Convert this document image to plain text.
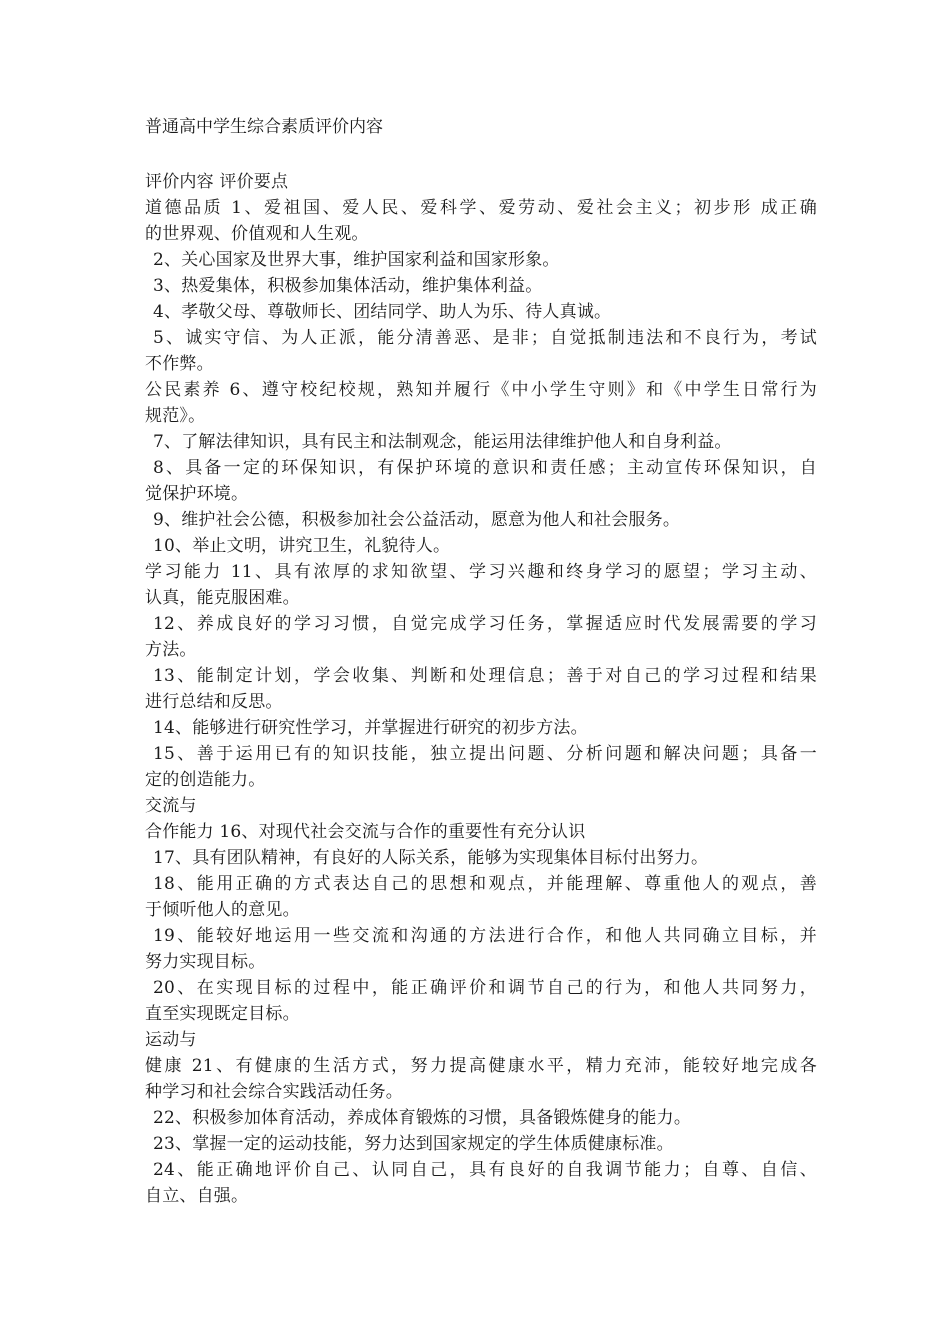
普通高中学生综合素质评价内容
评价内容 评价要点
道德品质 1、爱祖国、爱人民、爱科学、爱劳动、爱社会主义；初步形 成正确
的世界观、价值观和人生观。
2、关心国家及世界大事，维护国家利益和国家形象。
3、热爱集体，积极参加集体活动，维护集体利益。
4、孝敬父母、尊敬师长、团结同学、助人为乐、待人真诚。
5、诚实守信、为人正派，能分清善恶、是非；自觉抵制违法和不良行为，考试
不作弊。
公民素养 6、遵守校纪校规，熟知并履行《中小学生守则》和《中学生日常行为
规范》。
7、了解法律知识，具有民主和法制观念，能运用法律维护他人和自身利益。
8、具备一定的环保知识，有保护环境的意识和责任感；主动宣传环保知识，自
觉保护环境。
9、维护社会公德，积极参加社会公益活动，愿意为他人和社会服务。
10、举止文明，讲究卫生，礼貌待人。
学习能力 11、具有浓厚的求知欲望、学习兴趣和终身学习的愿望；学习主动、
认真，能克服困难。
12、养成良好的学习习惯，自觉完成学习任务，掌握适应时代发展需要的学习
方法。
13、能制定计划，学会收集、判断和处理信息；善于对自己的学习过程和结果
进行总结和反思。
14、能够进行研究性学习，并掌握进行研究的初步方法。
15、善于运用已有的知识技能，独立提出问题、分析问题和解决问题；具备一
定的创造能力。
交流与
合作能力 16、对现代社会交流与合作的重要性有充分认识
17、具有团队精神，有良好的人际关系，能够为实现集体目标付出努力。
18、能用正确的方式表达自己的思想和观点，并能理解、尊重他人的观点，善
于倾听他人的意见。
19、能较好地运用一些交流和沟通的方法进行合作，和他人共同确立目标，并
努力实现目标。
20、在实现目标的过程中，能正确评价和调节自己的行为，和他人共同努力，
直至实现既定目标。
运动与
健康 21、有健康的生活方式，努力提高健康水平，精力充沛，能较好地完成各
种学习和社会综合实践活动任务。
22、积极参加体育活动，养成体育锻炼的习惯，具备锻炼健身的能力。
23、掌握一定的运动技能，努力达到国家规定的学生体质健康标准。
24、能正确地评价自己、认同自己，具有良好的自我调节能力；自尊、自信、
自立、自强。
